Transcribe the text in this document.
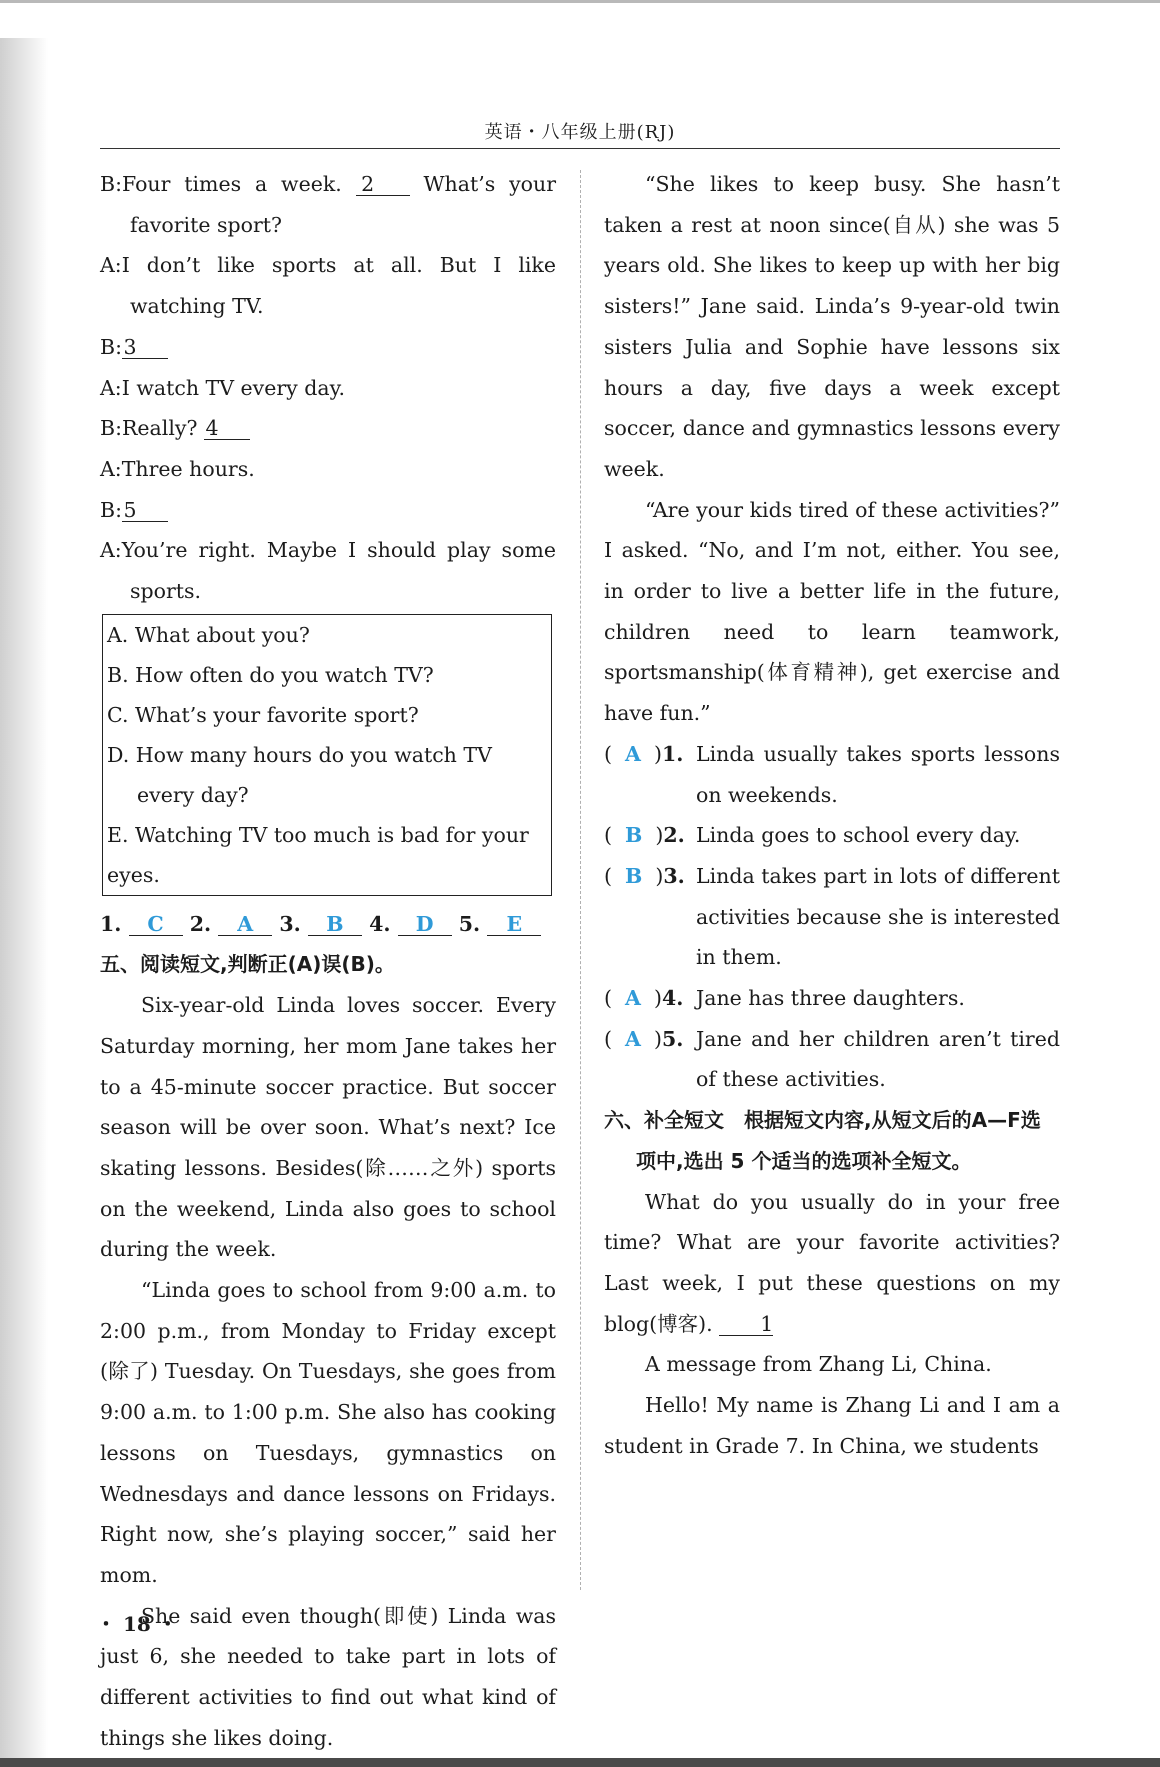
英语・八年级上册(RJ)

B:Four times a week. 2 What’s your favorite sport?

A:I don’t like sports at all. But I like watching TV.

B:3

A:I watch TV every day.

B:Really? 4

A:Three hours.

B:5

A:You’re right. Maybe I should play some sports.

A. What about you?
B. How often do you watch TV?
C. What’s your favorite sport?
D. How many hours do you watch TV every day?
E. Watching TV too much is bad for your eyes.
1. C 2. A 3. B 4. D 5. E

五、阅读短文,判断正(A)误(B)。

Six-year-old Linda loves soccer. Every Saturday morning, her mom Jane takes her to a 45-minute soccer practice. But soccer season will be over soon. What’s next? Ice skating lessons. Besides(除……之外) sports on the weekend, Linda also goes to school during the week.

“Linda goes to school from 9:00 a.m. to 2:00 p.m., from Monday to Friday except (除了) Tuesday. On Tuesdays, she goes from 9:00 a.m. to 1:00 p.m. She also has cooking lessons on Tuesdays, gymnastics on Wednesdays and dance lessons on Fridays. Right now, she’s playing soccer,” said her mom.

She said even though(即使) Linda was just 6, she needed to take part in lots of different activities to find out what kind of things she likes doing.

“She likes to keep busy. She hasn’t taken a rest at noon since(自从) she was 5 years old. She likes to keep up with her big sisters!” Jane said. Linda’s 9-year-old twin sisters Julia and Sophie have lessons six hours a day, five days a week except soccer, dance and gymnastics lessons every week.

“Are your kids tired of these activities?” I asked. “No, and I’m not, either. You see, in order to live a better life in the future, children need to learn teamwork, sportsmanship(体育精神), get exercise and have fun.”

(  A  )1. Linda usually takes sports lessons on weekends.

(  B  )2. Linda goes to school every day.

(  B  )3. Linda takes part in lots of different activities because she is interested in them.

(  A  )4. Jane has three daughters.

(  A  )5. Jane and her children aren’t tired of these activities.

六、补全短文　根据短文内容,从短文后的A—F选项中,选出 5 个适当的选项补全短文。

What do you usually do in your free time? What are your favorite activities? Last week, I put these questions on my blog(博客). 1

A message from Zhang Li, China.

Hello! My name is Zhang Li and I am a student in Grade 7. In China, we students

・ 18 ・
